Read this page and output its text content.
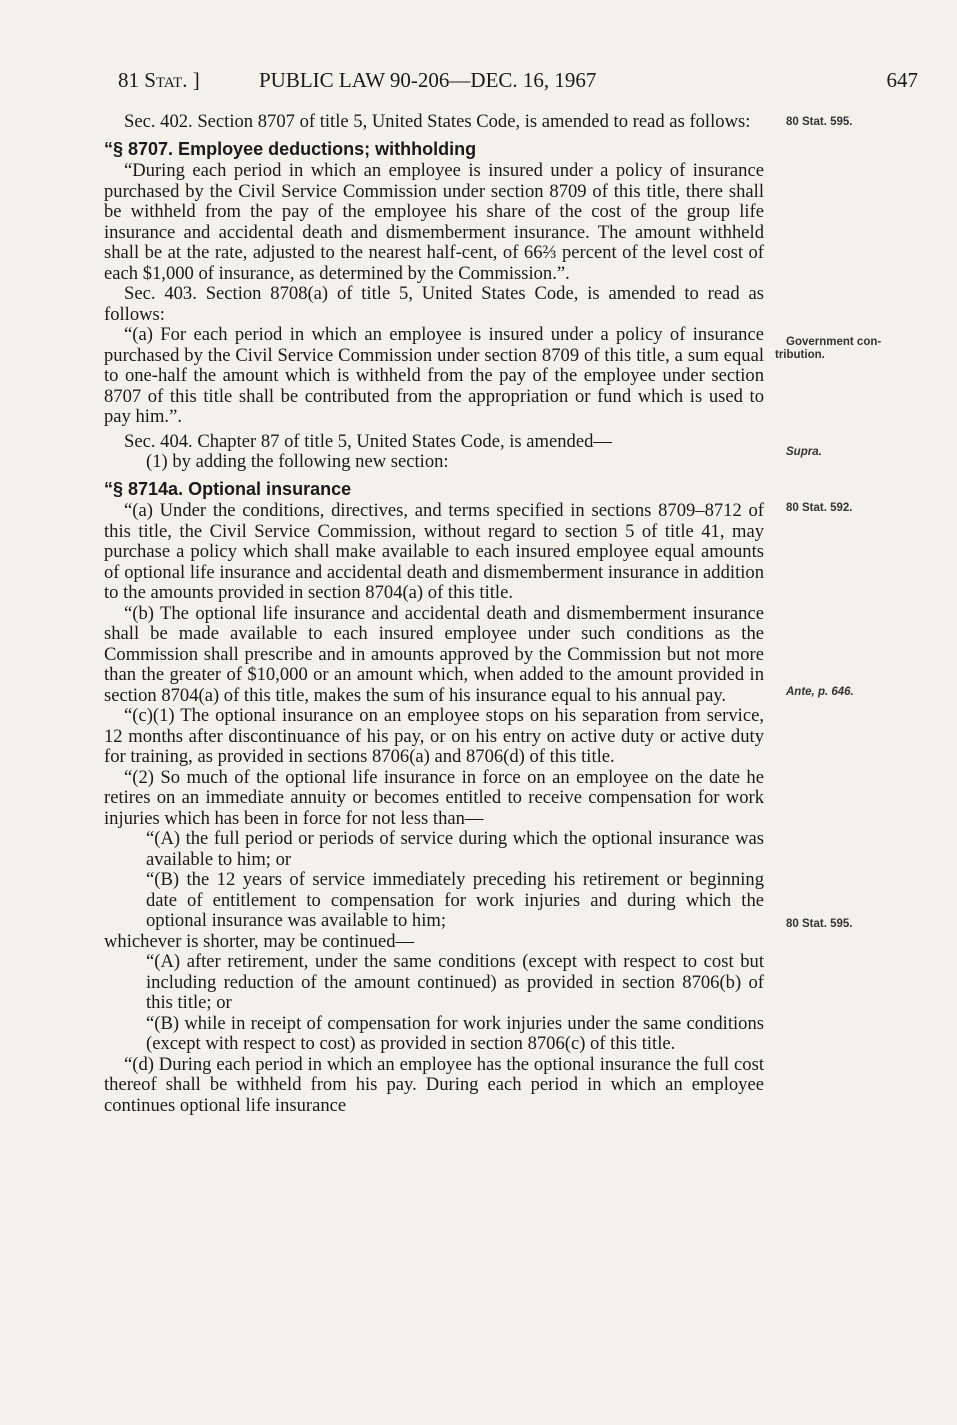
81 Stat. ]	PUBLIC LAW 90-206—DEC. 16, 1967	647

Sec. 402. Section 8707 of title 5, United States Code, is amended to read as follows:

“§ 8707. Employee deductions; withholding

“During each period in which an employee is insured under a policy of insurance purchased by the Civil Service Commission under section 8709 of this title, there shall be withheld from the pay of the employee his share of the cost of the group life insurance and accidental death and dismemberment insurance. The amount withheld shall be at the rate, adjusted to the nearest half-cent, of 66⅔ percent of the level cost of each $1,000 of insurance, as determined by the Commission.”.

Sec. 403. Section 8708(a) of title 5, United States Code, is amended to read as follows:

“(a) For each period in which an employee is insured under a policy of insurance purchased by the Civil Service Commission under section 8709 of this title, a sum equal to one-half the amount which is withheld from the pay of the employee under section 8707 of this title shall be contributed from the appropriation or fund which is used to pay him.”.

Sec. 404. Chapter 87 of title 5, United States Code, is amended—

(1) by adding the following new section:

“§ 8714a. Optional insurance

“(a) Under the conditions, directives, and terms specified in sections 8709–8712 of this title, the Civil Service Commission, without regard to section 5 of title 41, may purchase a policy which shall make available to each insured employee equal amounts of optional life insurance and accidental death and dismemberment insurance in addition to the amounts provided in section 8704(a) of this title.

“(b) The optional life insurance and accidental death and dismemberment insurance shall be made available to each insured employee under such conditions as the Commission shall prescribe and in amounts approved by the Commission but not more than the greater of $10,000 or an amount which, when added to the amount provided in section 8704(a) of this title, makes the sum of his insurance equal to his annual pay.

“(c)(1) The optional insurance on an employee stops on his separation from service, 12 months after discontinuance of his pay, or on his entry on active duty or active duty for training, as provided in sections 8706(a) and 8706(d) of this title.

“(2) So much of the optional life insurance in force on an employee on the date he retires on an immediate annuity or becomes entitled to receive compensation for work injuries which has been in force for not less than—

“(A) the full period or periods of service during which the optional insurance was available to him; or

“(B) the 12 years of service immediately preceding his retirement or beginning date of entitlement to compensation for work injuries and during which the optional insurance was available to him;

whichever is shorter, may be continued—

“(A) after retirement, under the same conditions (except with respect to cost but including reduction of the amount continued) as provided in section 8706(b) of this title; or

“(B) while in receipt of compensation for work injuries under the same conditions (except with respect to cost) as provided in section 8706(c) of this title.

“(d) During each period in which an employee has the optional insurance the full cost thereof shall be withheld from his pay. During each period in which an employee continues optional life insurance

80 Stat. 595.
Government con-
tribution.
Supra.
80 Stat. 592.
Ante, p. 646.
80 Stat. 595.
